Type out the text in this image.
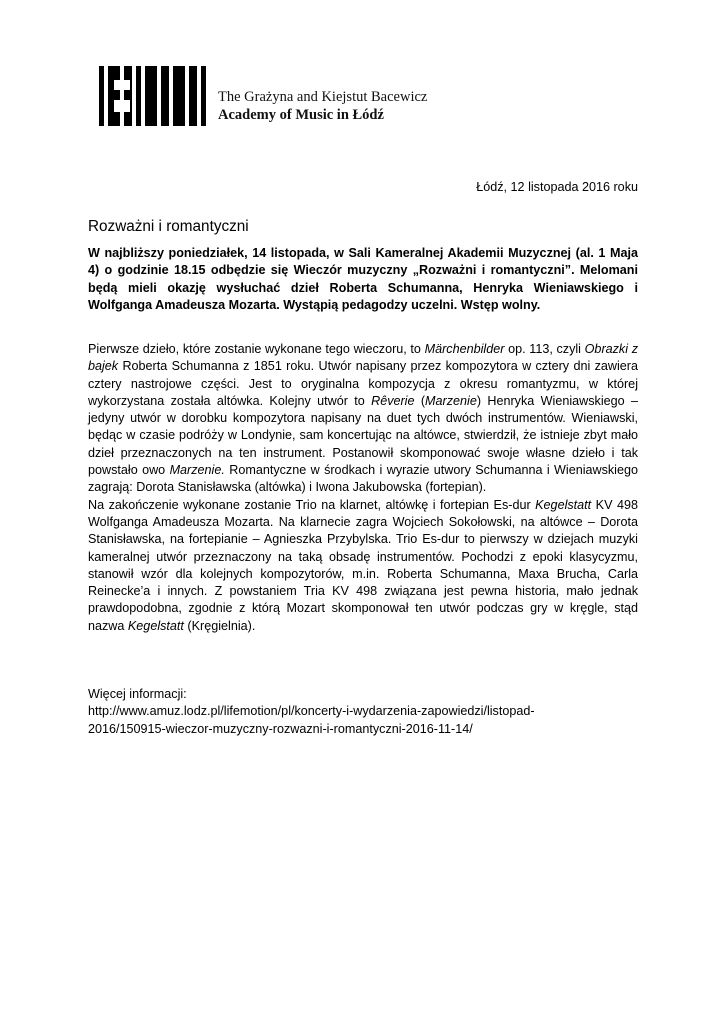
The Grażyna and Kiejstut Bacewicz
Academy of Music in Łódź
Łódź, 12 listopada 2016 roku
Rozważni i romantyczni

W najbliższy poniedziałek, 14 listopada, w Sali Kameralnej Akademii Muzycznej (al. 1 Maja 4) o godzinie 18.15 odbędzie się Wieczór muzyczny „Rozważni i romantyczni”. Melomani będą mieli okazję wysłuchać dzieł Roberta Schumanna, Henryka Wieniawskiego i Wolfganga Amadeusza Mozarta. Wystąpią pedagodzy uczelni. Wstęp wolny.

Pierwsze dzieło, które zostanie wykonane tego wieczoru, to Märchenbilder op. 113, czyli Obrazki z bajek Roberta Schumanna z 1851 roku. Utwór napisany przez kompozytora w cztery dni zawiera cztery nastrojowe części. Jest to oryginalna kompozycja z okresu romantyzmu, w której wykorzystana została altówka. Kolejny utwór to Rêverie (Marzenie) Henryka Wieniawskiego – jedyny utwór w dorobku kompozytora napisany na duet tych dwóch instrumentów. Wieniawski, będąc w czasie podróży w Londynie, sam koncertując na altówce, stwierdził, że istnieje zbyt mało dzieł przeznaczonych na ten instrument. Postanowił skomponować swoje własne dzieło i tak powstało owo Marzenie. Romantyczne w środkach i wyrazie utwory Schumanna i Wieniawskiego zagrają: Dorota Stanisławska (altówka) i Iwona Jakubowska (fortepian).

Na zakończenie wykonane zostanie Trio na klarnet, altówkę i fortepian Es-dur Kegelstatt KV 498 Wolfganga Amadeusza Mozarta. Na klarnecie zagra Wojciech Sokołowski, na altówce – Dorota Stanisławska, na fortepianie – Agnieszka Przybylska. Trio Es-dur to pierwszy w dziejach muzyki kameralnej utwór przeznaczony na taką obsadę instrumentów. Pochodzi z epoki klasycyzmu, stanowił wzór dla kolejnych kompozytorów, m.in. Roberta Schumanna, Maxa Brucha, Carla Reinecke’a i innych. Z powstaniem Tria KV 498 związana jest pewna historia, mało jednak prawdopodobna, zgodnie z którą Mozart skomponował ten utwór podczas gry w kręgle, stąd nazwa Kegelstatt (Kręgielnia).

Więcej informacji:
http://www.amuz.lodz.pl/lifemotion/pl/koncerty-i-wydarzenia-zapowiedzi/listopad-
2016/150915-wieczor-muzyczny-rozwazni-i-romantyczni-2016-11-14/
